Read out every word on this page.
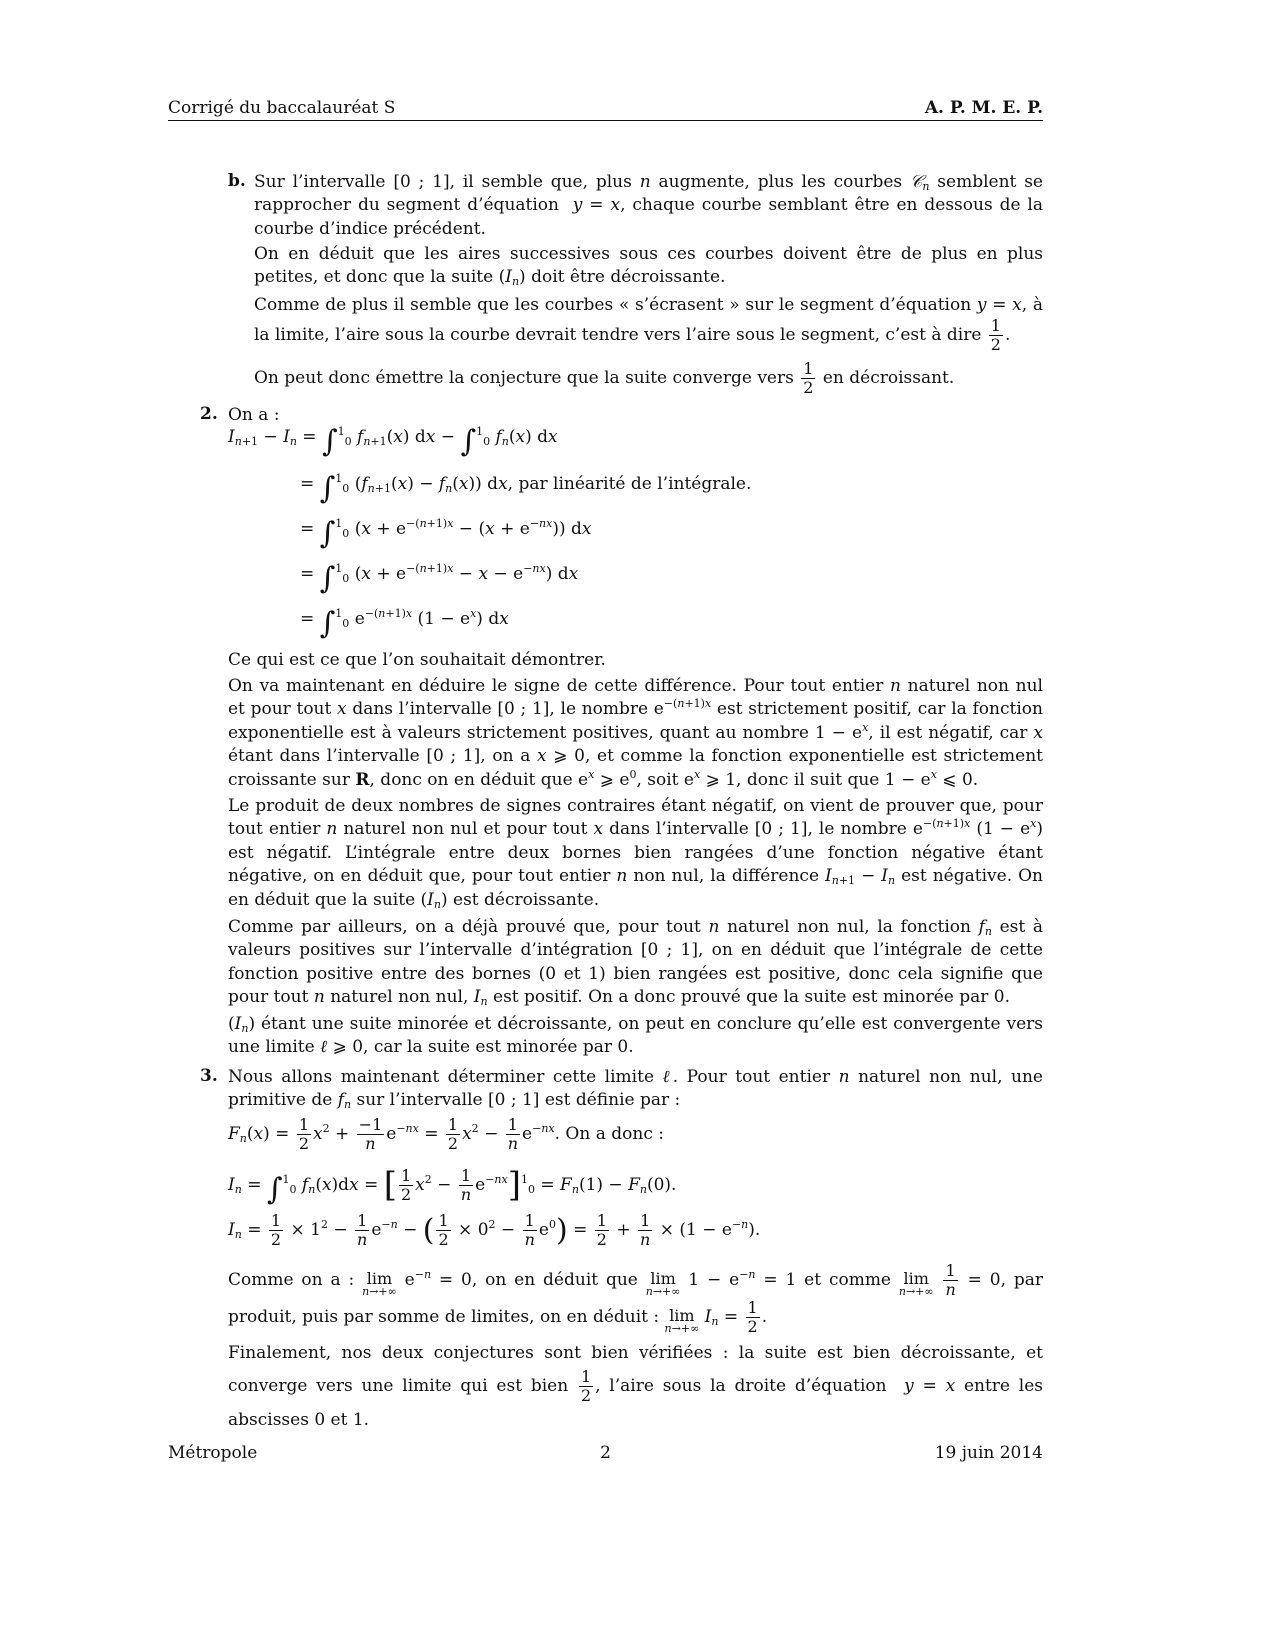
Corrigé du baccalauréat S	A. P. M. E. P.
b. Sur l’intervalle [0 ; 1], il semble que, plus n augmente, plus les courbes 𝒞$_n$ semblent se rapprocher du segment d’équation  y = x, chaque courbe semblant être en dessous de la courbe d’indice précédent.
On en déduit que les aires successives sous ces courbes doivent être de plus en plus petites, et donc que la suite $(I_n)$ doit être décroissante.
Comme de plus il semble que les courbes « s’écrasent » sur le segment d’équation y = x, à la limite, l’aire sous la courbe devrait tendre vers l’aire sous le segment, c’est à dire $\frac{1}{2}$ .
On peut donc émettre la conjecture que la suite converge vers $\frac{1}{2}$ en décroissant.
2. On a :
$I_{n+1} - I_n = \int^1_0$ $f_{n+1}(x)$ dx − ∫$^1_0$ $f_n(x)$ dx
= ∫$^1_0$ $(f_{n+1}(x) - f_n(x))$ dx, par linéarité de l’intégrale.
= ∫$^1_0$ $(x + e^{-(n+1)x} - (x + e^{-nx}))$ dx
= ∫$^1_0$ $(x + e^{-(n+1)x} - x - e^{-nx})$ dx
= ∫$^1_0$ $e^{-(n+1)x}$ $(1 - e^x)$ dx
Ce qui est ce que l’on souhaitait démontrer.
On va maintenant en déduire le signe de cette différence. Pour tout entier n naturel non nul et pour tout x dans l’intervalle [0 ; 1], le nombre $e^{-(n+1)x}$ est strictement positif, car la fonction exponentielle est à valeurs strictement positives, quant au nombre $1 - e^x$, il est négatif, car x étant dans l’intervalle [0 ; 1], on a x ⩾ 0, et comme la fonction exponentielle est strictement croissante sur R, donc on en déduit que $e^x$ ⩾ $e^0$, soit $e^x$ ⩾ 1, donc il suit que $1 - e^x$ ⩽ 0.
Le produit de deux nombres de signes contraires étant négatif, on vient de prouver que, pour tout entier n naturel non nul et pour tout x dans l’intervalle [0 ; 1], le nombre $e^{-(n+1)x}$ $(1 - e^x)$ est négatif. L’intégrale entre deux bornes bien rangées d’une fonction négative étant négative, on en déduit que, pour tout entier n non nul, la différence $I_{n+1} - I_n$ est négative. On en déduit que la suite $(I_n)$ est décroissante.
Comme par ailleurs, on a déjà prouvé que, pour tout n naturel non nul, la fonction $f_n$ est à valeurs positives sur l’intervalle d’intégration [0 ; 1], on en déduit que l’intégrale de cette fonction positive entre des bornes (0 et 1) bien rangées est positive, donc cela signifie que pour tout n naturel non nul, $I_n$ est positif. On a donc prouvé que la suite est minorée par 0.
$(I_n)$ étant une suite minorée et décroissante, on peut en conclure qu’elle est convergente vers une limite ℓ ⩾ 0, car la suite est minorée par 0.
3. Nous allons maintenant déterminer cette limite ℓ. Pour tout entier n naturel non nul, une primitive de $f_n$ sur l’intervalle [0 ; 1] est définie par :
$F_n(x) = \frac{1}{2} x^2 + \frac{-1}{n} e^{-nx} = \frac{1}{2} x^2 - \frac{1}{n} e^{-nx}$. On a donc :
$I_n = \int^1_0$ $f_n(x)dx$ = [ $\frac{1}{2} x^2 - \frac{1}{n} e^{-nx}]^1_0 = F_n(1) - F_n(0)$.
$I_n = \frac{1}{2} \times 1^2 - \frac{1}{n} e^{-n}$ − ( $\frac{1}{2} \times 0^2 - \frac{1}{n} e^0) = \frac{1}{2} + \frac{1}{n} \times (1 - e^{-n})$.
Comme on a : lim
n→+∞
$e^{-n} = 0$, on en déduit que lim
n→+∞
$1 - e^{-n} = 1$ et comme lim
n→+∞
$\frac{1}{n} = 0$, par produit, puis par somme de limites, on en déduit : lim
n→+∞
$I_n = \frac{1}{2}$ .
Finalement, nos deux conjectures sont bien vérifiées : la suite est bien décroissante, et converge vers une limite qui est bien $\frac{1}{2}$ , l’aire sous la droite d’équation  y = x entre les abscisses 0 et 1.
Métropole	2	19 juin 2014
